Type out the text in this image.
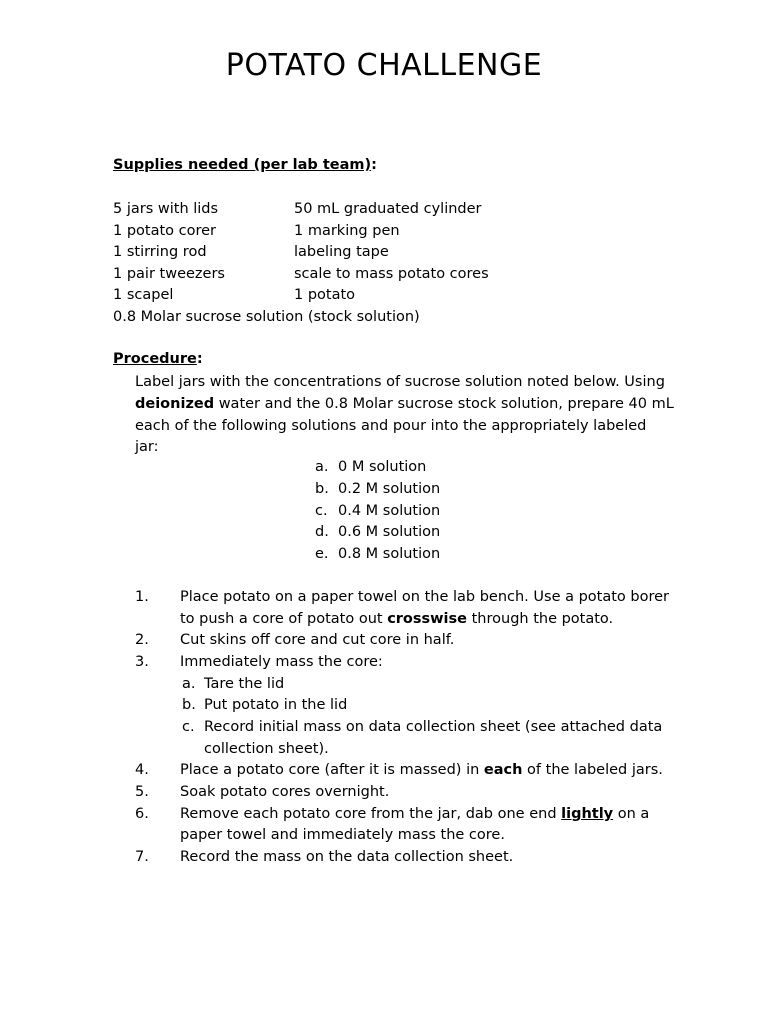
POTATO CHALLENGE
Supplies needed (per lab team):
5 jars with lids	50 mL graduated cylinder
1 potato corer	1 marking pen
1 stirring rod	labeling tape
1 pair tweezers	scale to mass potato cores
1 scapel	1 potato
0.8 Molar sucrose solution (stock solution)
Procedure:
Label jars with the concentrations of sucrose solution noted below. Using
deionized water and the 0.8 Molar sucrose stock solution, prepare 40 mL
each of the following solutions and pour into the appropriately labeled
jar:
a. 0 M solution
b. 0.2 M solution
c. 0.4 M solution
d. 0.6 M solution
e. 0.8 M solution
1. Place potato on a paper towel on the lab bench. Use a potato borer
to push a core of potato out crosswise through the potato.
2. Cut skins off core and cut core in half.
3. Immediately mass the core:
a. Tare the lid
b. Put potato in the lid
c. Record initial mass on data collection sheet (see attached data
collection sheet).
4. Place a potato core (after it is massed) in each of the labeled jars.
5. Soak potato cores overnight.
6. Remove each potato core from the jar, dab one end lightly on a
paper towel and immediately mass the core.
7. Record the mass on the data collection sheet.
